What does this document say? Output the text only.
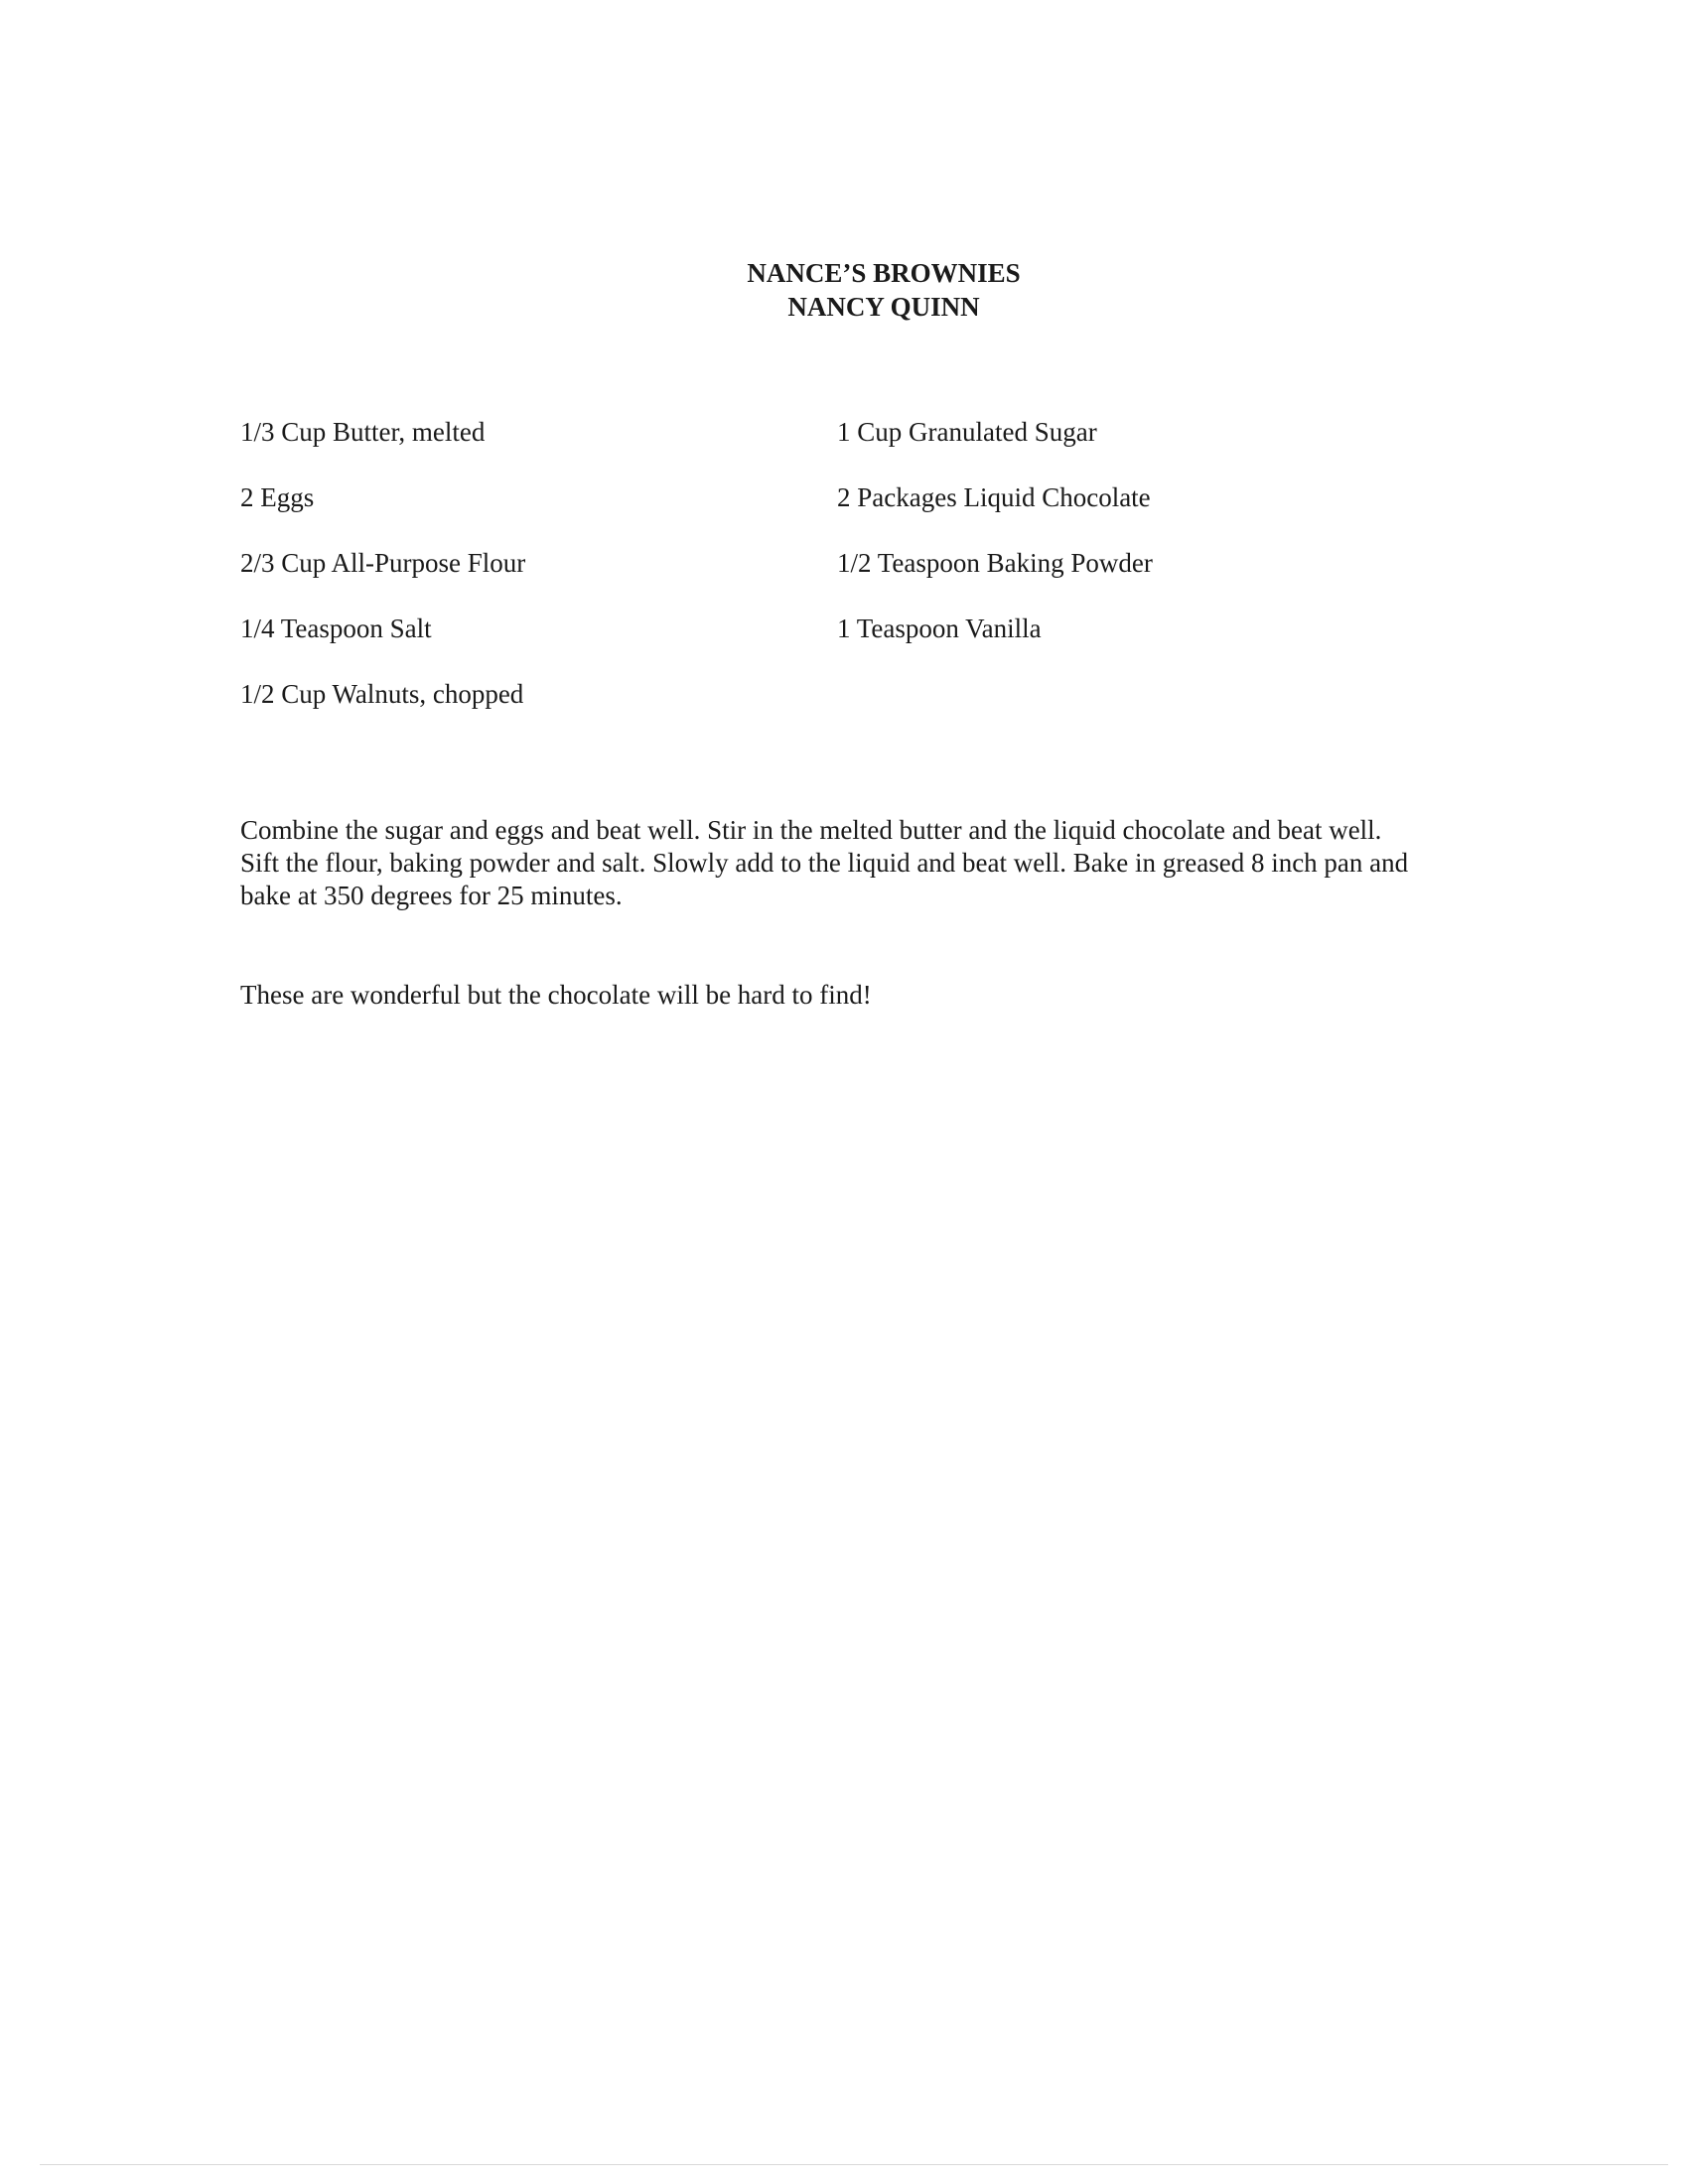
NANCE’S BROWNIES
NANCY QUINN
1/3 Cup Butter, melted	1 Cup Granulated Sugar
2 Eggs	2 Packages Liquid Chocolate
2/3 Cup All-Purpose Flour	1/2 Teaspoon Baking Powder
1/4 Teaspoon Salt	1 Teaspoon Vanilla
1/2 Cup Walnuts, chopped

Combine the sugar and eggs and beat well. Stir in the melted butter and the liquid chocolate and beat well. Sift the flour, baking powder and salt. Slowly add to the liquid and beat well. Bake in greased 8 inch pan and bake at 350 degrees for 25 minutes.

These are wonderful but the chocolate will be hard to find!
